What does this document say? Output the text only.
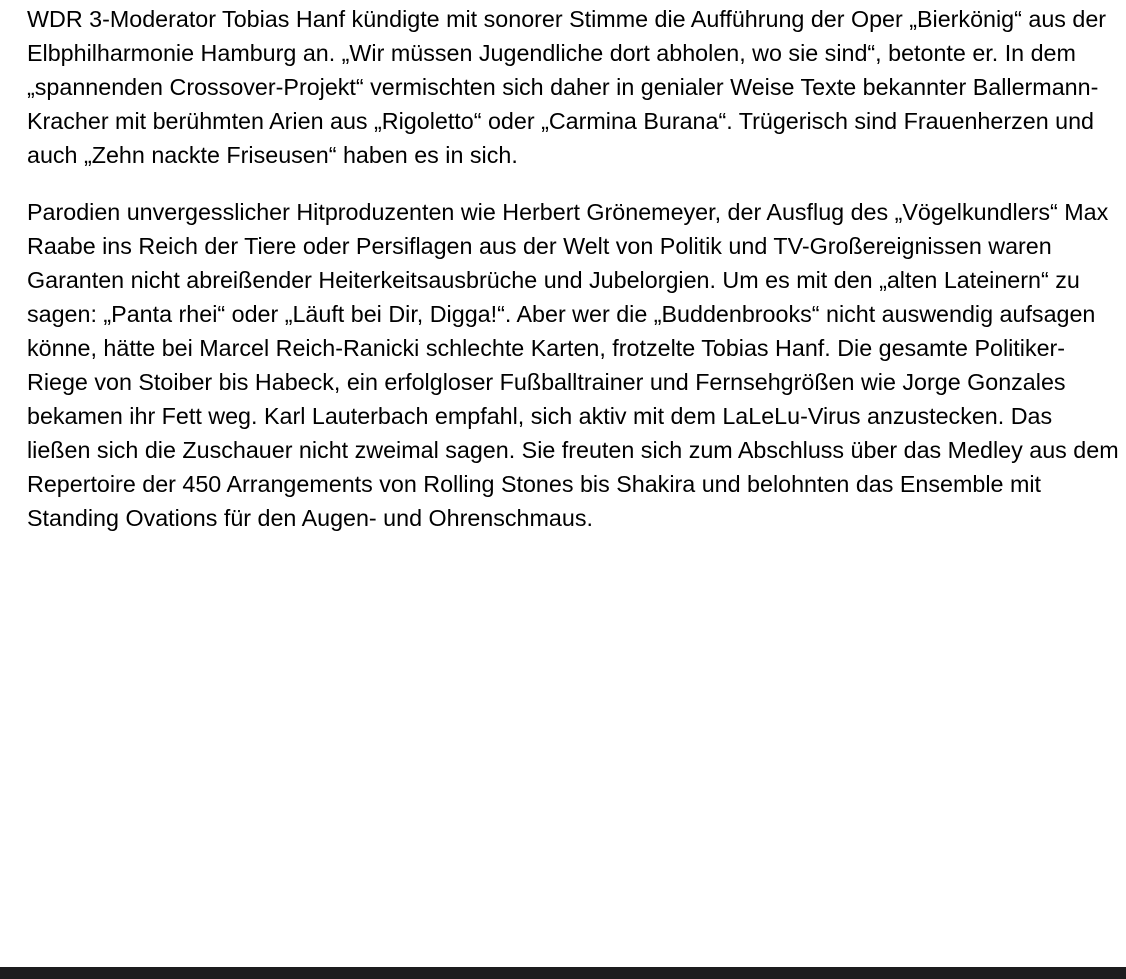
WDR 3-Moderator Tobias Hanf kündigte mit sonorer Stimme die Aufführung der Oper „Bierkönig“ aus der Elbphilharmonie Hamburg an. „Wir müssen Jugendliche dort abholen, wo sie sind“, betonte er. In dem „spannenden Crossover-Projekt“ vermischten sich daher in genialer Weise Texte bekannter Ballermann-Kracher mit berühmten Arien aus „Rigoletto“ oder „Carmina Burana“. Trügerisch sind Frauenherzen und auch „Zehn nackte Friseusen“ haben es in sich.

Parodien unvergesslicher Hitproduzenten wie Herbert Grönemeyer, der Ausflug des „Vögelkundlers“ Max Raabe ins Reich der Tiere oder Persiflagen aus der Welt von Politik und TV-Großereignissen waren Garanten nicht abreißender Heiterkeitsausbrüche und Jubelorgien. Um es mit den „alten Lateinern“ zu sagen: „Panta rhei“ oder „Läuft bei Dir, Digga!“. Aber wer die „Buddenbrooks“ nicht auswendig aufsagen könne, hätte bei Marcel Reich-Ranicki schlechte Karten, frotzelte Tobias Hanf. Die gesamte Politiker-Riege von Stoiber bis Habeck, ein erfolgloser Fußballtrainer und Fernsehgrößen wie Jorge Gonzales bekamen ihr Fett weg. Karl Lauterbach empfahl, sich aktiv mit dem LaLeLu-Virus anzustecken. Das ließen sich die Zuschauer nicht zweimal sagen. Sie freuten sich zum Abschluss über das Medley aus dem Repertoire der 450 Arrangements von Rolling Stones bis Shakira und belohnten das Ensemble mit Standing Ovations für den Augen- und Ohrenschmaus.
